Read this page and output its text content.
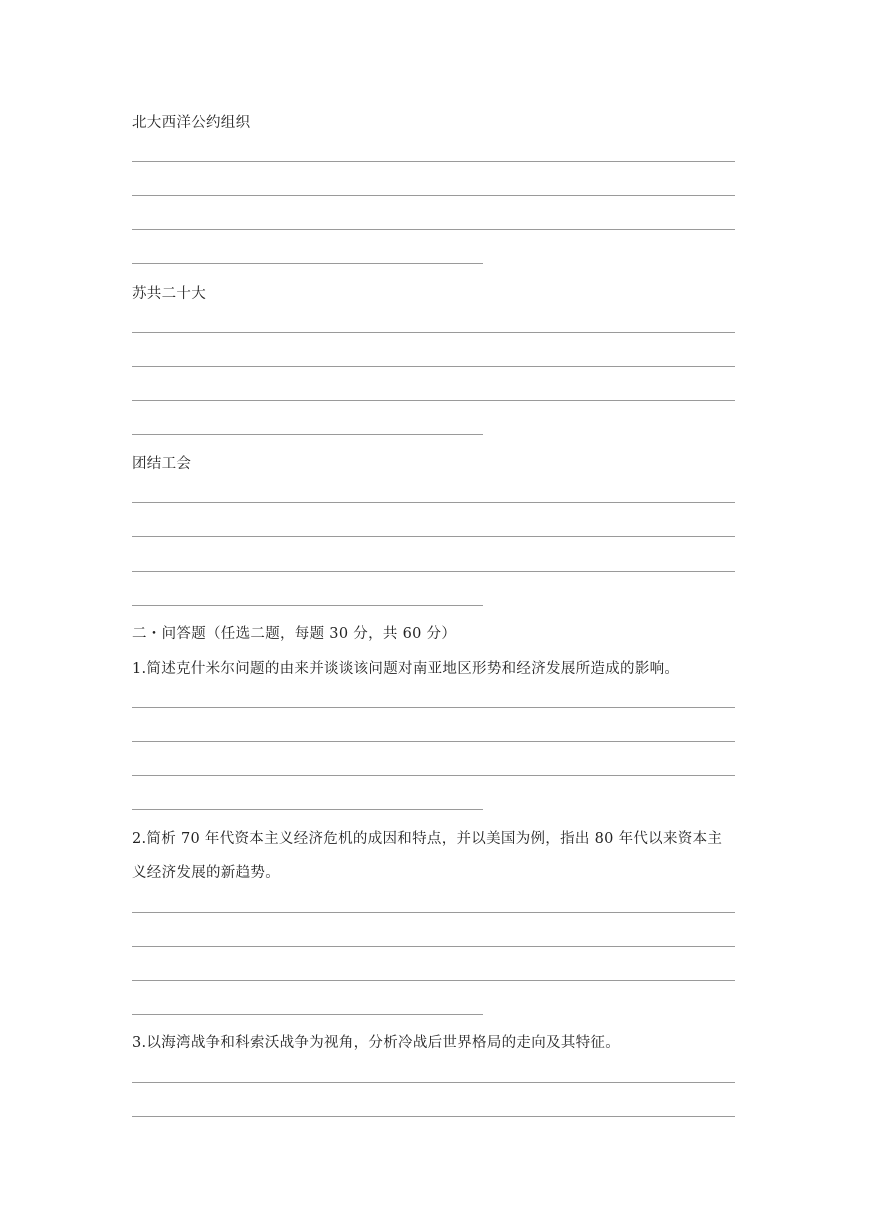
北大西洋公约组织
苏共二十大
团结工会
二・问答题（任选二题，每题 30 分，共 60 分）
1.简述克什米尔问题的由来并谈谈该问题对南亚地区形势和经济发展所造成的影响。
2.简析 70 年代资本主义经济危机的成因和特点，并以美国为例，指出 80 年代以来资本主
义经济发展的新趋势。
3.以海湾战争和科索沃战争为视角，分析冷战后世界格局的走向及其特征。
